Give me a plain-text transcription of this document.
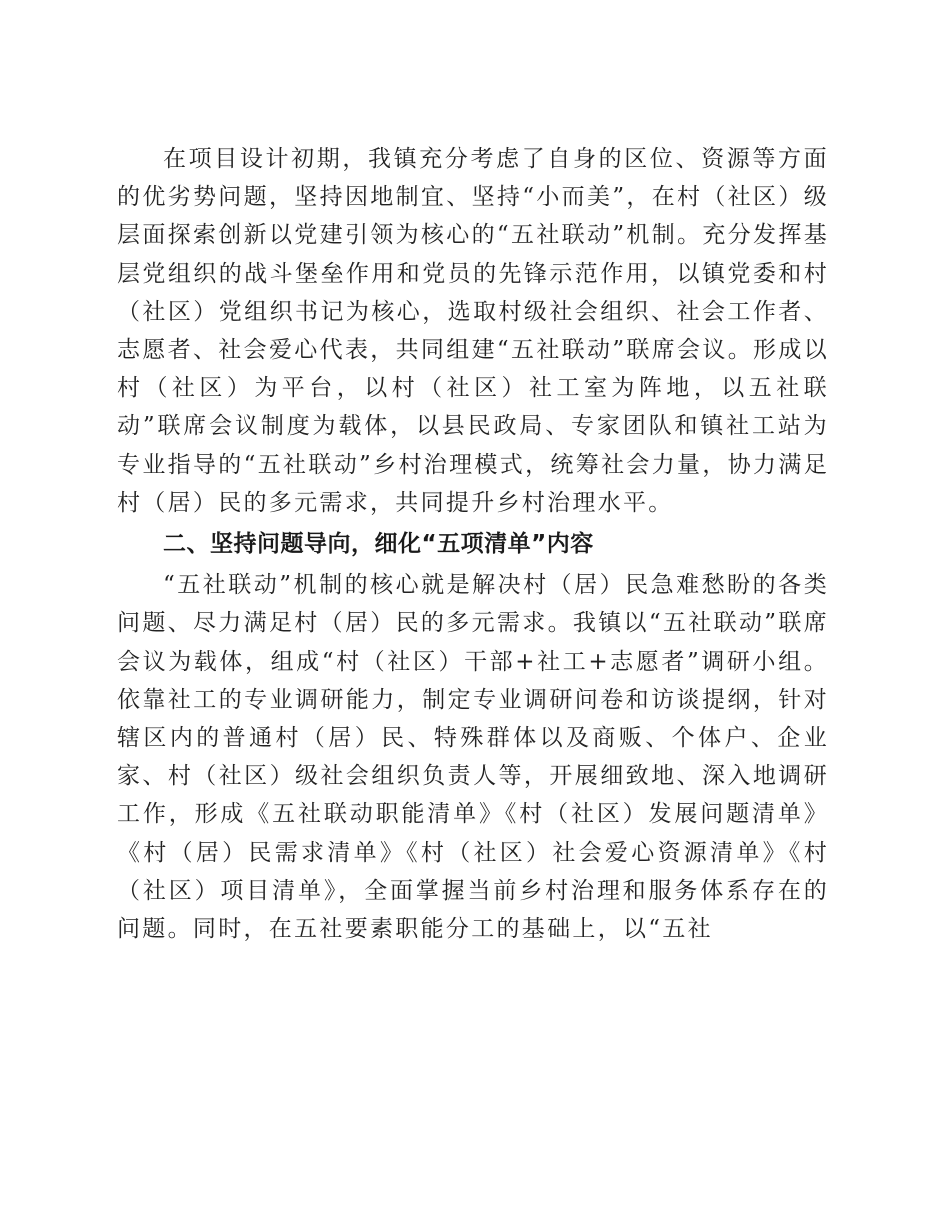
在项目设计初期，我镇充分考虑了自身的区位、资源等方面的优劣势问题，坚持因地制宜、坚持“小而美”，在村（社区）级层面探索创新以党建引领为核心的“五社联动”机制。充分发挥基层党组织的战斗堡垒作用和党员的先锋示范作用，以镇党委和村（社区）党组织书记为核心，选取村级社会组织、社会工作者、志愿者、社会爱心代表，共同组建“五社联动”联席会议。形成以村（社区）为平台，以村（社区）社工室为阵地，以五社联动”联席会议制度为载体，以县民政局、专家团队和镇社工站为专业指导的“五社联动”乡村治理模式，统筹社会力量，协力满足村（居）民的多元需求，共同提升乡村治理水平。

二、坚持问题导向，细化“五项清单”内容

“五社联动”机制的核心就是解决村（居）民急难愁盼的各类问题、尽力满足村（居）民的多元需求。我镇以“五社联动”联席会议为载体，组成“村（社区）干部+社工+志愿者”调研小组。依靠社工的专业调研能力，制定专业调研问卷和访谈提纲，针对辖区内的普通村（居）民、特殊群体以及商贩、个体户、企业家、村（社区）级社会组织负责人等，开展细致地、深入地调研工作，形成《五社联动职能清单》《村（社区）发展问题清单》《村（居）民需求清单》《村（社区）社会爱心资源清单》《村（社区）项目清单》，全面掌握当前乡村治理和服务体系存在的问题。同时，在五社要素职能分工的基础上，以“五社
